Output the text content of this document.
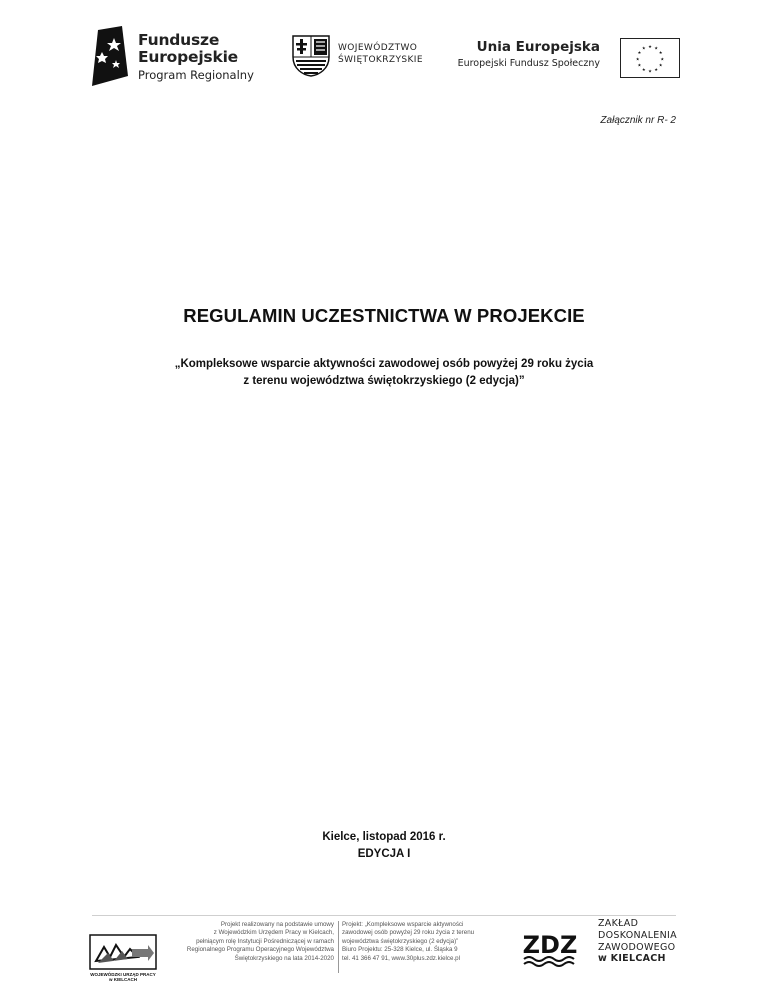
Fundusze
Europejskie
Program Regionalny
WOJEWÓDZTWO
ŚWIĘTOKRZYSKIE
Unia Europejska
Europejski Fundusz Społeczny
★ ★
★
★
★
★
★
★
★
★
★
★
Załącznik nr R- 2
REGULAMIN UCZESTNICTWA W PROJEKCIE
„Kompleksowe wsparcie aktywności zawodowej osób powyżej 29 roku życia
z terenu województwa świętokrzyskiego (2 edycja)”
Kielce, listopad 2016 r.
EDYCJA I
WOJEWÓDZKI URZĄD PRACY
w KIELCACH
Projekt realizowany na podstawie umowy
z Wojewódzkim Urzędem Pracy w Kielcach,
pełniącym rolę Instytucji Pośredniczącej w ramach
Regionalnego Programu Operacyjnego Województwa
Świętokrzyskiego na lata 2014-2020
Projekt: „Kompleksowe wsparcie aktywności
zawodowej osób powyżej 29 roku życia z terenu
województwa świętokrzyskiego (2 edycja)”
Biuro Projektu: 25-328 Kielce, ul. Śląska 9
tel. 41 366 47 91, www.30plus.zdz.kielce.pl	ZDZ
ZAKŁAD
DOSKONALENIA
ZAWODOWEGO
w KIELCACH
